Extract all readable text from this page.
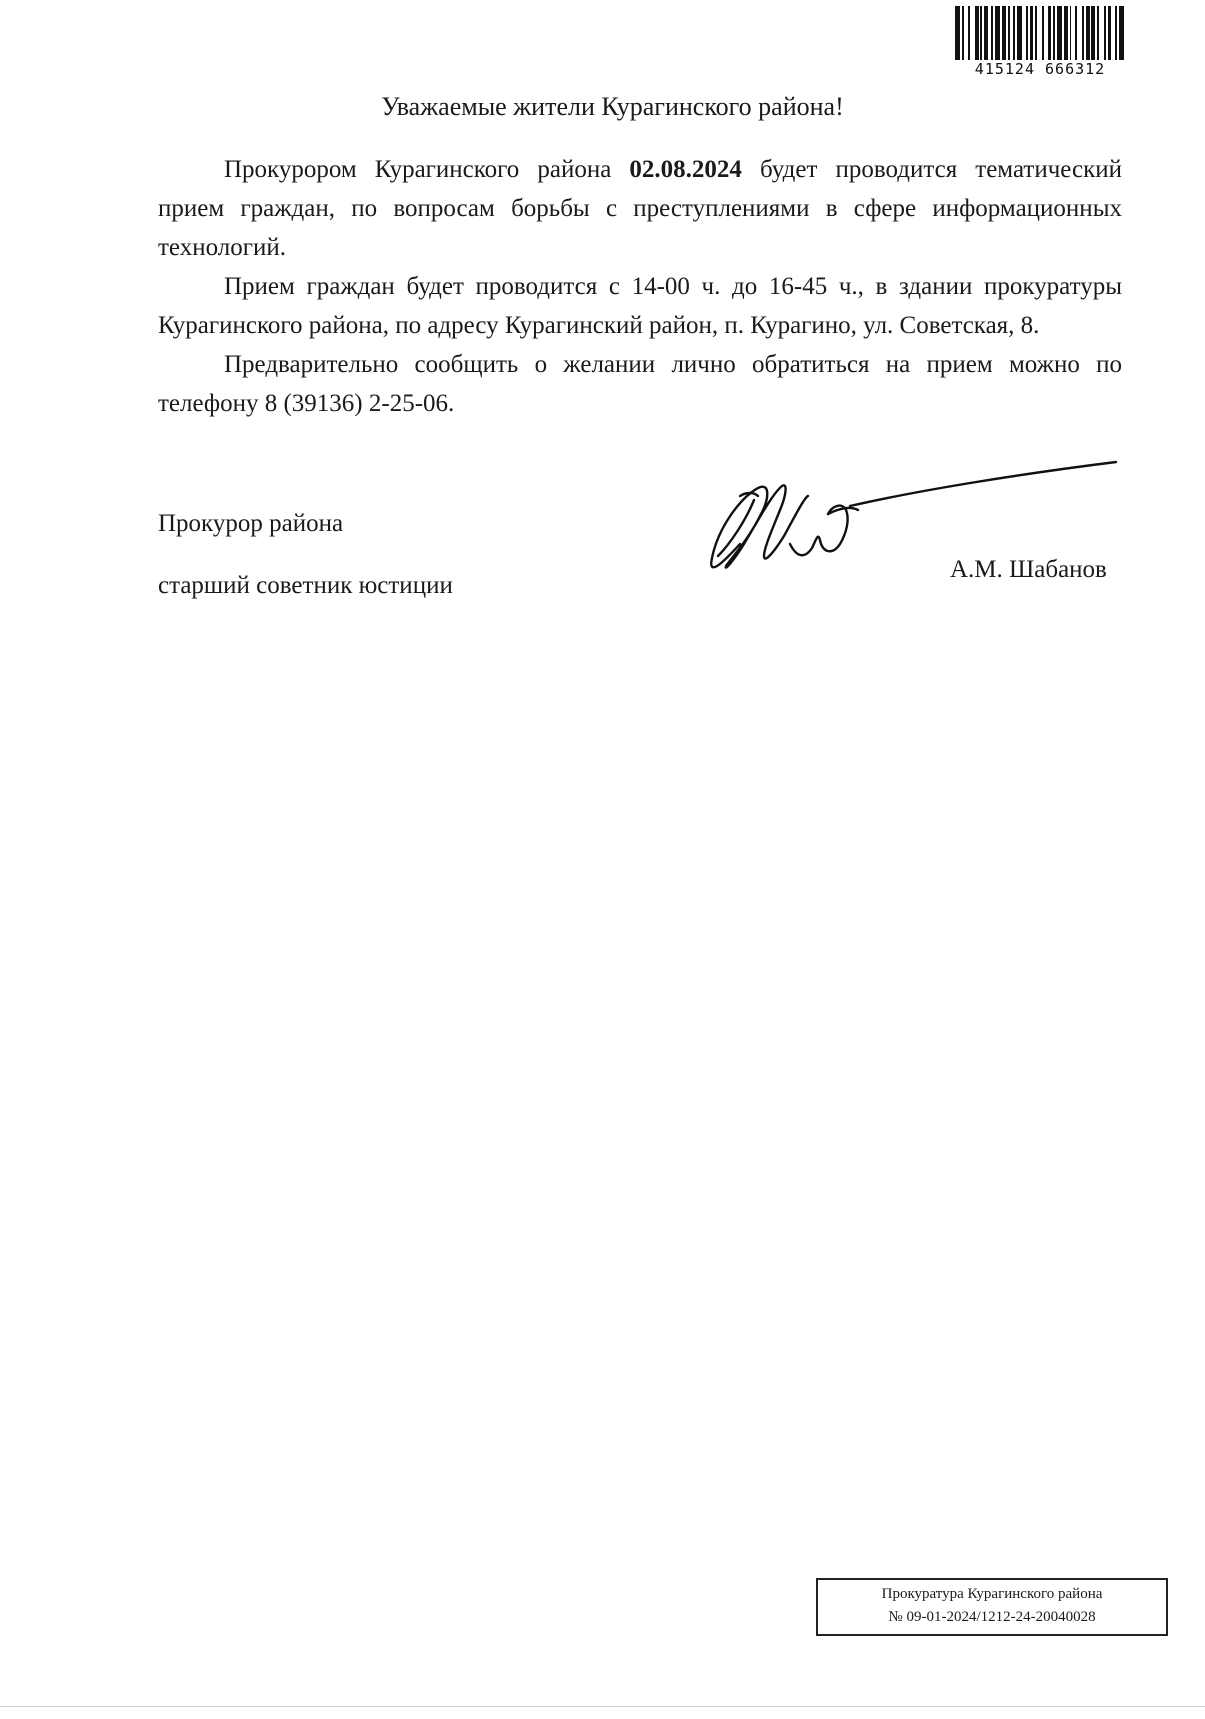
415124 666312
Уважаемые жители Курагинского района!

Прокурором Курагинского района 02.08.2024 будет проводится тематический прием граждан, по вопросам борьбы с преступлениями в сфере информационных технологий.

Прием граждан будет проводится с 14-00 ч. до 16-45 ч., в здании прокуратуры Курагинского района, по адресу Курагинский район, п. Курагино, ул. Советская, 8.

Предварительно сообщить о желании лично обратиться на прием можно по телефону 8 (39136) 2-25-06.

Прокурор района
старший советник юстиции
А.М. Шабанов
Прокуратура Курагинского района
№ 09-01-2024/1212-24-20040028
